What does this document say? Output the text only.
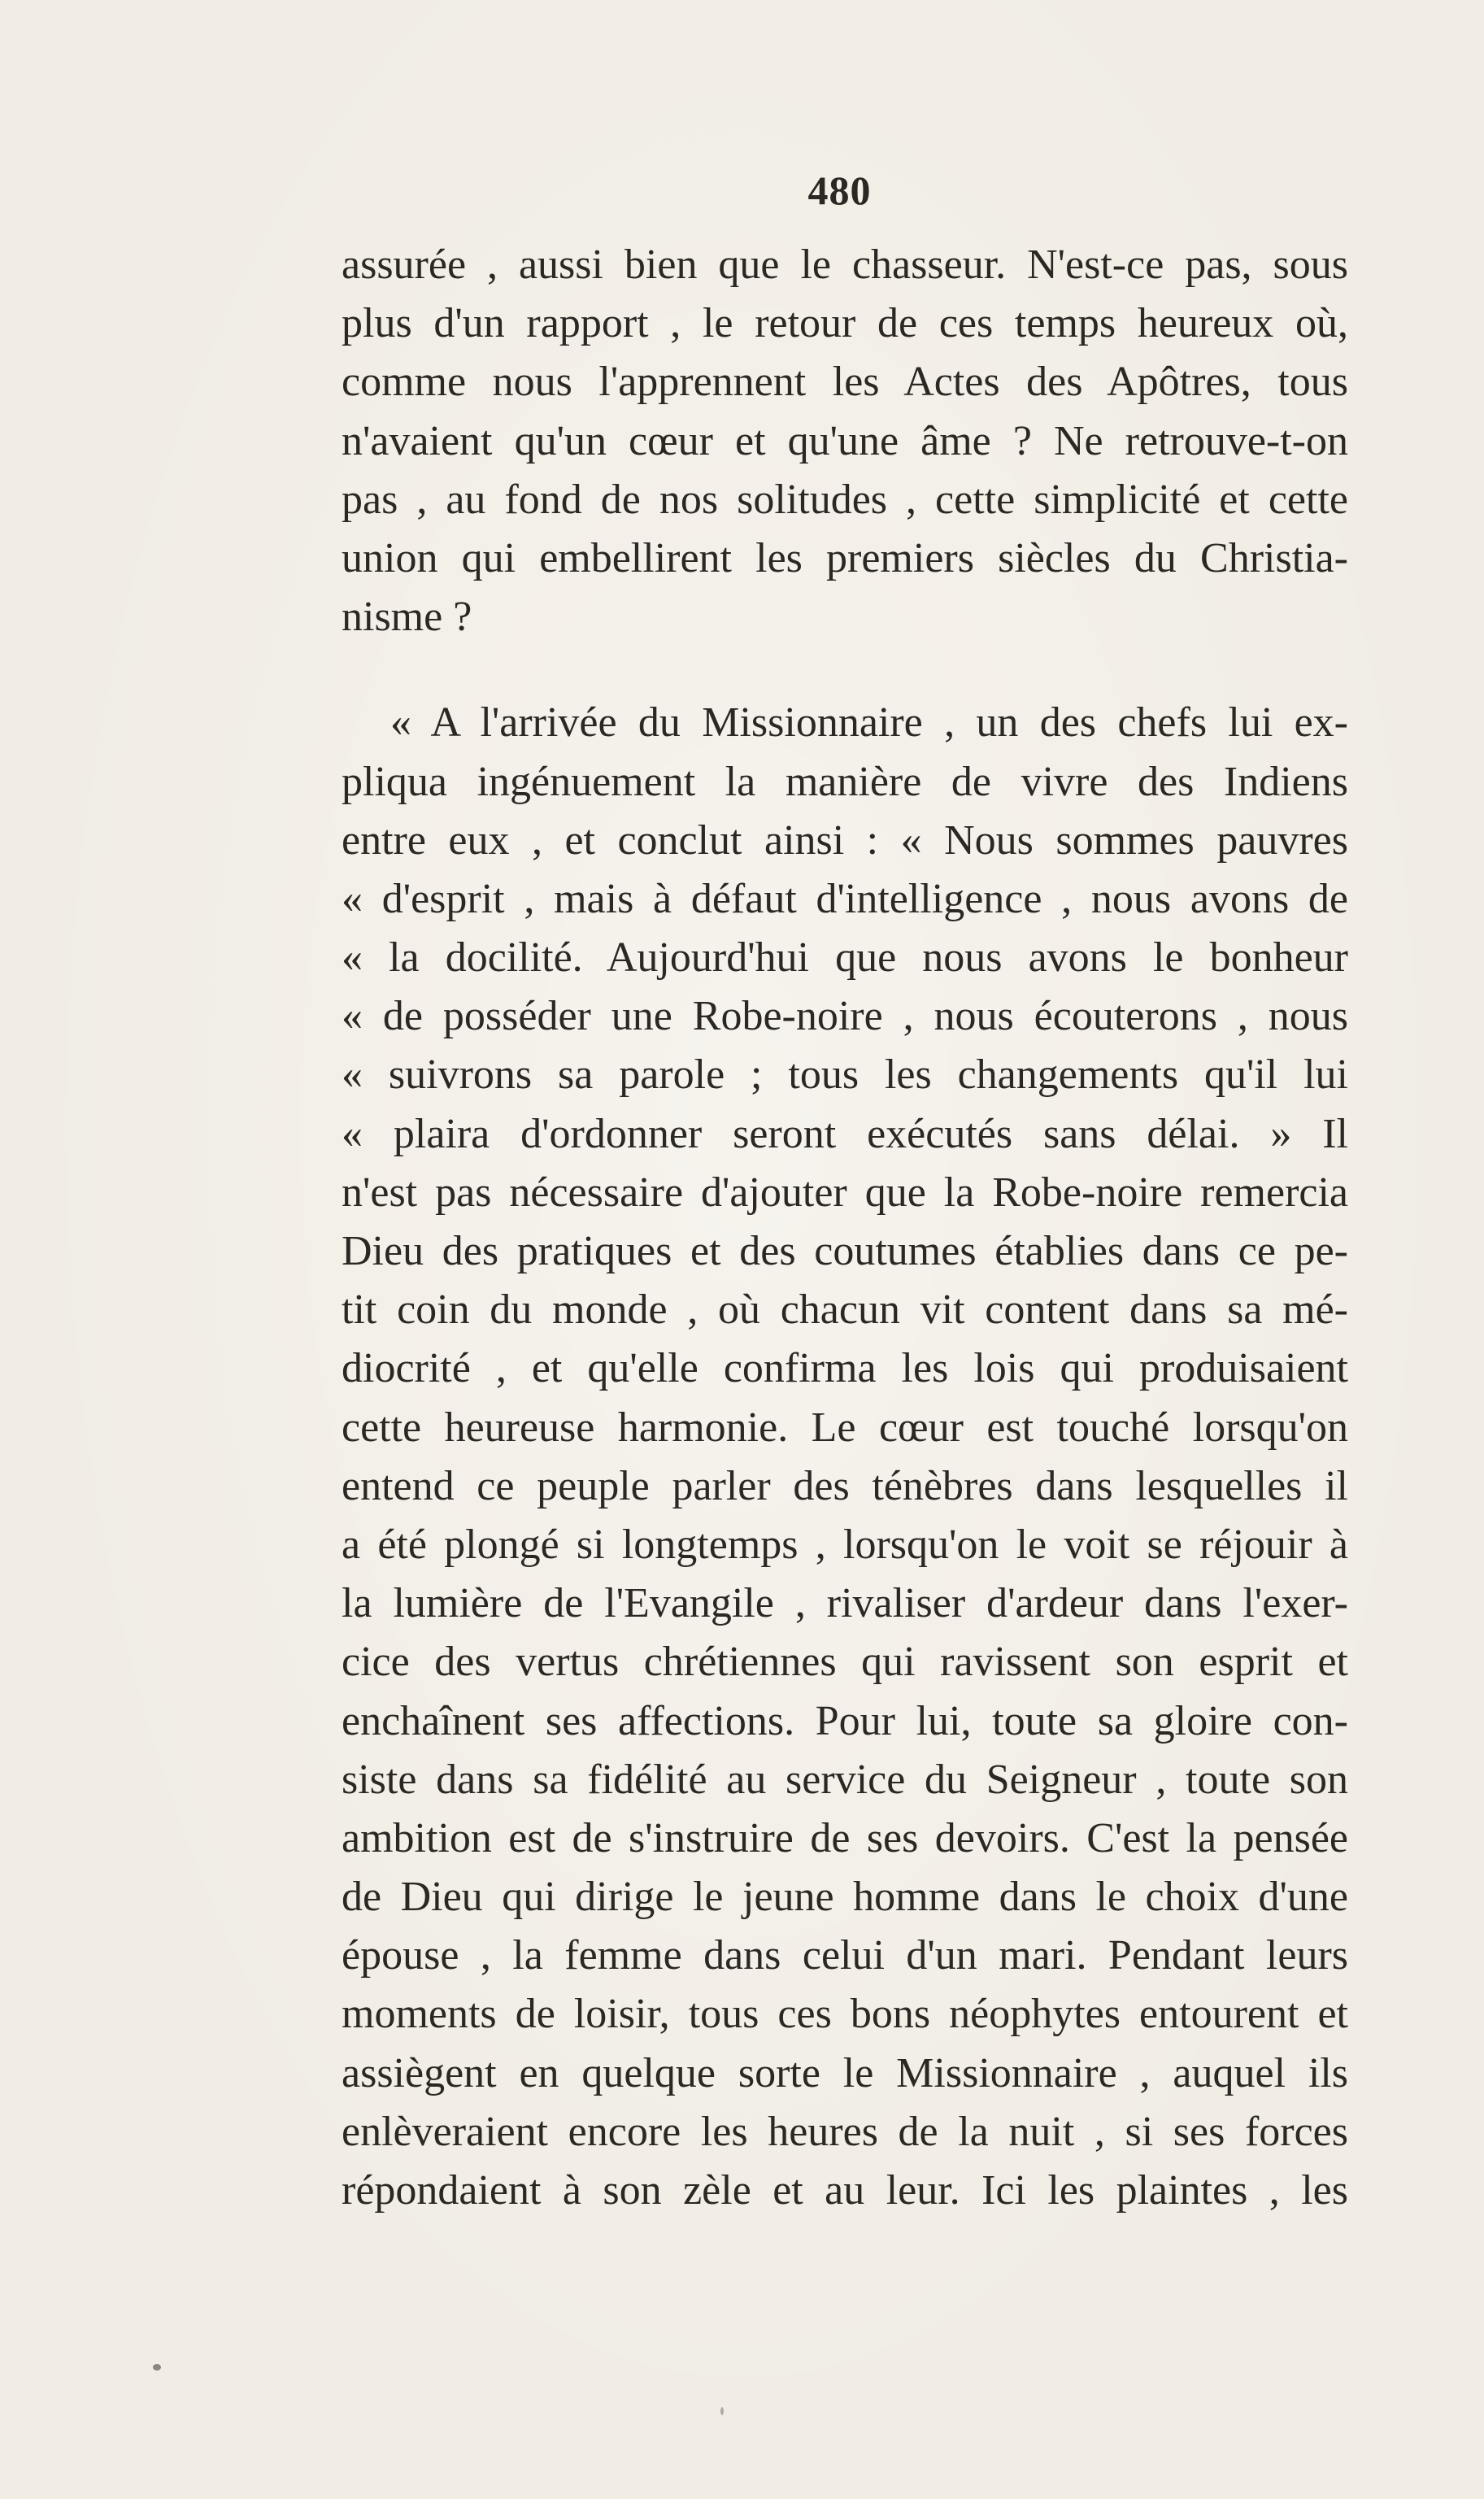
480
assurée , aussi bien que le chasseur. N'est-ce pas, sous
plus d'un rapport , le retour de ces temps heureux où,
comme nous l'apprennent les Actes des Apôtres, tous
n'avaient qu'un cœur et qu'une âme ? Ne retrouve-t-on
pas , au fond de nos solitudes , cette simplicité et cette
union qui embellirent les premiers siècles du Christia-
nisme ?
« A l'arrivée du Missionnaire , un des chefs lui ex-
pliqua ingénuement la manière de vivre des Indiens
entre eux , et conclut ainsi : « Nous sommes pauvres
« d'esprit , mais à défaut d'intelligence , nous avons de
« la docilité. Aujourd'hui que nous avons le bonheur
« de posséder une Robe-noire , nous écouterons , nous
« suivrons sa parole ; tous les changements qu'il lui
« plaira d'ordonner seront exécutés sans délai. » Il
n'est pas nécessaire d'ajouter que la Robe-noire remercia
Dieu des pratiques et des coutumes établies dans ce pe-
tit coin du monde , où chacun vit content dans sa mé-
diocrité , et qu'elle confirma les lois qui produisaient
cette heureuse harmonie. Le cœur est touché lorsqu'on
entend ce peuple parler des ténèbres dans lesquelles il
a été plongé si longtemps , lorsqu'on le voit se réjouir à
la lumière de l'Evangile , rivaliser d'ardeur dans l'exer-
cice des vertus chrétiennes qui ravissent son esprit et
enchaînent ses affections. Pour lui, toute sa gloire con-
siste dans sa fidélité au service du Seigneur , toute son
ambition est de s'instruire de ses devoirs. C'est la pensée
de Dieu qui dirige le jeune homme dans le choix d'une
épouse , la femme dans celui d'un mari. Pendant leurs
moments de loisir, tous ces bons néophytes entourent et
assiègent en quelque sorte le Missionnaire , auquel ils
enlèveraient encore les heures de la nuit , si ses forces
répondaient à son zèle et au leur. Ici les plaintes , les
